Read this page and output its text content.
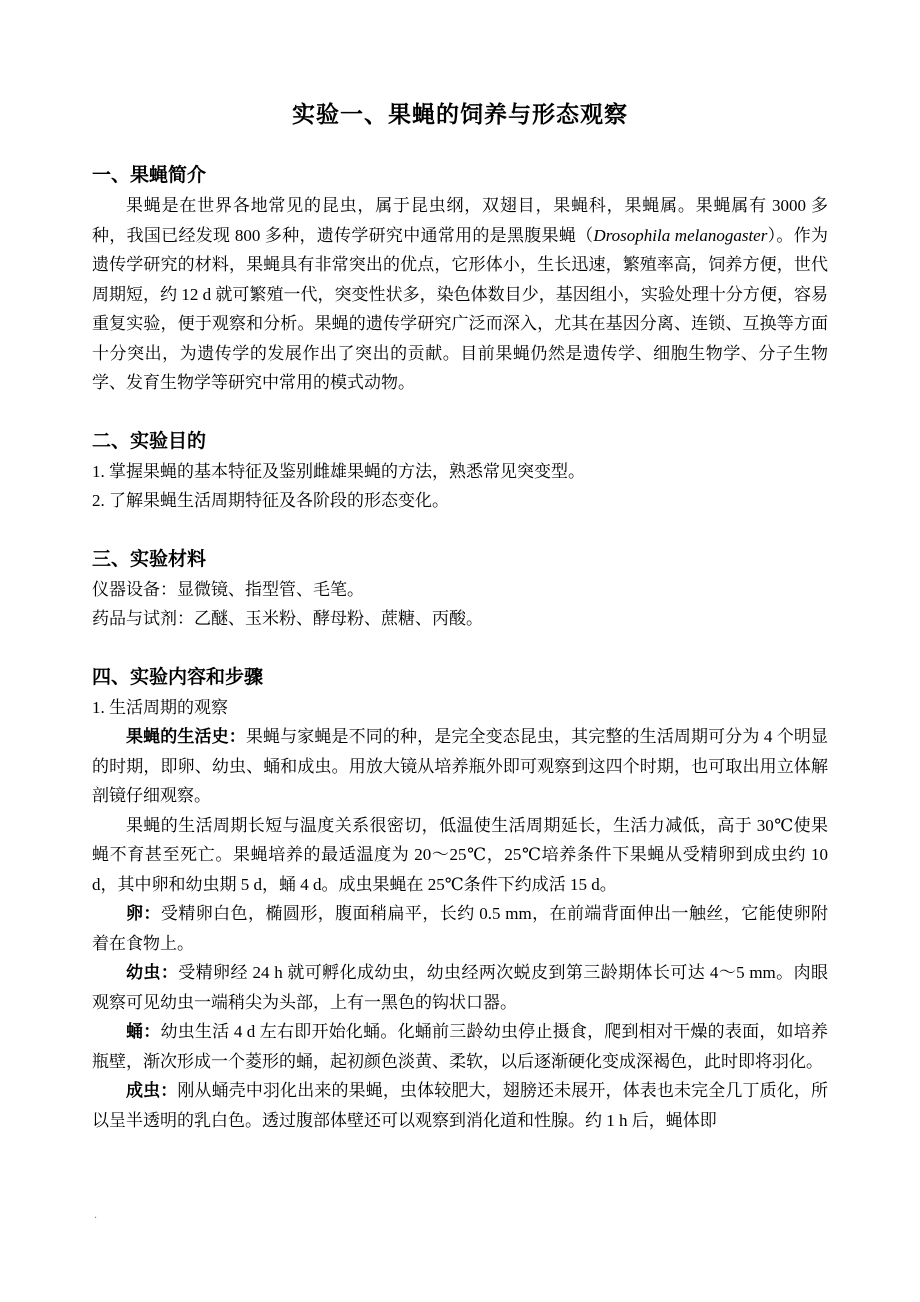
实验一、果蝇的饲养与形态观察
一、果蝇简介

果蝇是在世界各地常见的昆虫，属于昆虫纲，双翅目，果蝇科，果蝇属。果蝇属有 3000 多种，我国已经发现 800 多种，遗传学研究中通常用的是黑腹果蝇（Drosophila melanogaster）。作为遗传学研究的材料，果蝇具有非常突出的优点，它形体小，生长迅速，繁殖率高，饲养方便，世代周期短，约 12 d 就可繁殖一代，突变性状多，染色体数目少，基因组小，实验处理十分方便，容易重复实验，便于观察和分析。果蝇的遗传学研究广泛而深入，尤其在基因分离、连锁、互换等方面十分突出，为遗传学的发展作出了突出的贡献。目前果蝇仍然是遗传学、细胞生物学、分子生物学、发育生物学等研究中常用的模式动物。

二、实验目的

1. 掌握果蝇的基本特征及鉴别雌雄果蝇的方法，熟悉常见突变型。

2. 了解果蝇生活周期特征及各阶段的形态变化。

三、实验材料

仪器设备：显微镜、指型管、毛笔。

药品与试剂：乙醚、玉米粉、酵母粉、蔗糖、丙酸。

四、实验内容和步骤

1. 生活周期的观察

果蝇的生活史：果蝇与家蝇是不同的种，是完全变态昆虫，其完整的生活周期可分为 4 个明显的时期，即卵、幼虫、蛹和成虫。用放大镜从培养瓶外即可观察到这四个时期，也可取出用立体解剖镜仔细观察。

果蝇的生活周期长短与温度关系很密切，低温使生活周期延长，生活力减低，高于 30℃使果蝇不育甚至死亡。果蝇培养的最适温度为 20～25℃，25℃培养条件下果蝇从受精卵到成虫约 10 d，其中卵和幼虫期 5 d，蛹 4 d。成虫果蝇在 25℃条件下约成活 15 d。

卵：受精卵白色，椭圆形，腹面稍扁平，长约 0.5 mm，在前端背面伸出一触丝，它能使卵附着在食物上。

幼虫：受精卵经 24 h 就可孵化成幼虫，幼虫经两次蜕皮到第三龄期体长可达 4～5 mm。肉眼观察可见幼虫一端稍尖为头部，上有一黑色的钩状口器。

蛹：幼虫生活 4 d 左右即开始化蛹。化蛹前三龄幼虫停止摄食，爬到相对干燥的表面，如培养瓶壁，渐次形成一个菱形的蛹，起初颜色淡黄、柔软，以后逐渐硬化变成深褐色，此时即将羽化。

成虫：刚从蛹壳中羽化出来的果蝇，虫体较肥大，翅膀还未展开，体表也未完全几丁质化，所以呈半透明的乳白色。透过腹部体壁还可以观察到消化道和性腺。约 1 h 后，蝇体即

.
